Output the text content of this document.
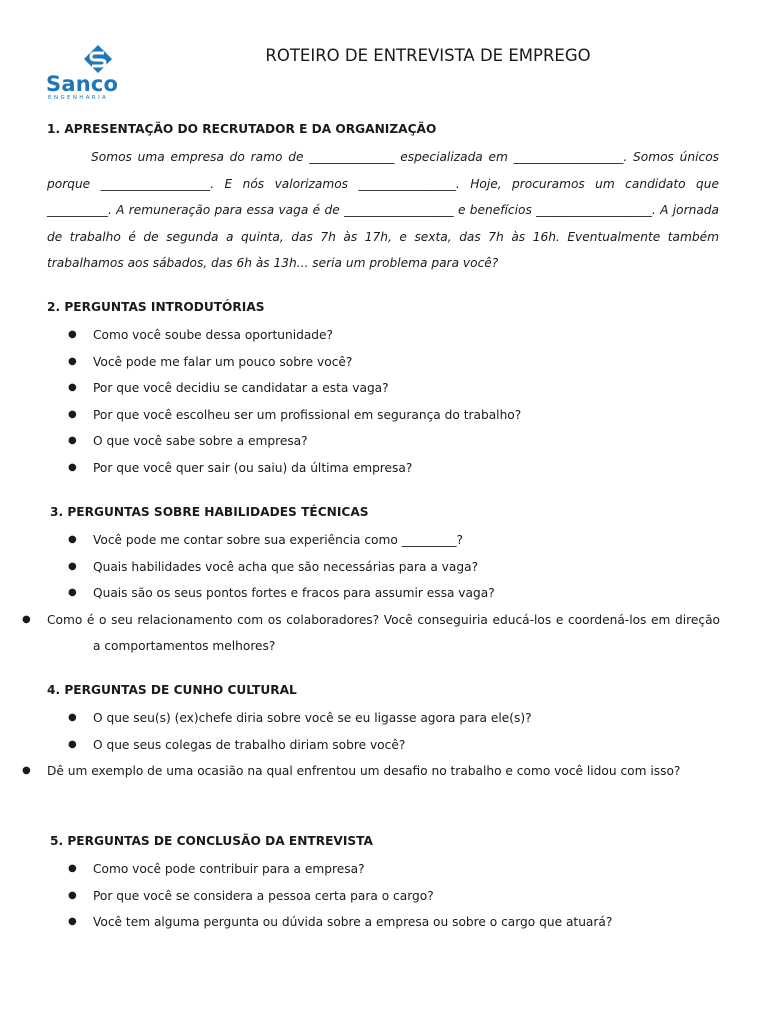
Sanco
ENGENHARIA
ROTEIRO DE ENTREVISTA DE EMPREGO
1. APRESENTAÇÃO DO RECRUTADOR E DA ORGANIZAÇÃO
Somos uma empresa do ramo de ______________ especializada em __________________. Somos únicos porque __________________. E nós valorizamos ________________. Hoje, procuramos um candidato que __________. A remuneração para essa vaga é de __________________ e benefícios ___________________. A jornada de trabalho é de segunda a quinta, das 7h às 17h, e sexta, das 7h às 16h. Eventualmente também trabalhamos aos sábados, das 6h às 13h... seria um problema para você?
2. PERGUNTAS INTRODUTÓRIAS
● Como você soube dessa oportunidade?
● Você pode me falar um pouco sobre você?
● Por que você decidiu se candidatar a esta vaga?
● Por que você escolheu ser um profissional em segurança do trabalho?
● O que você sabe sobre a empresa?
● Por que você quer sair (ou saiu) da última empresa?
3. PERGUNTAS SOBRE HABILIDADES TÉCNICAS
● Você pode me contar sobre sua experiência como _________?
● Quais habilidades você acha que são necessárias para a vaga?
● Quais são os seus pontos fortes e fracos para assumir essa vaga?
●	Como é o seu relacionamento com os colaboradores? Você conseguiria educá-los e coordená-los em direção a comportamentos melhores?
4. PERGUNTAS DE CUNHO CULTURAL
● O que seu(s) (ex)chefe diria sobre você se eu ligasse agora para ele(s)?
● O que seus colegas de trabalho diriam sobre você?
●	Dê um exemplo de uma ocasião na qual enfrentou um desafio no trabalho e como você lidou com isso?
5. PERGUNTAS DE CONCLUSÃO DA ENTREVISTA
● Como você pode contribuir para a empresa?
● Por que você se considera a pessoa certa para o cargo?
● Você tem alguma pergunta ou dúvida sobre a empresa ou sobre o cargo que atuará?
